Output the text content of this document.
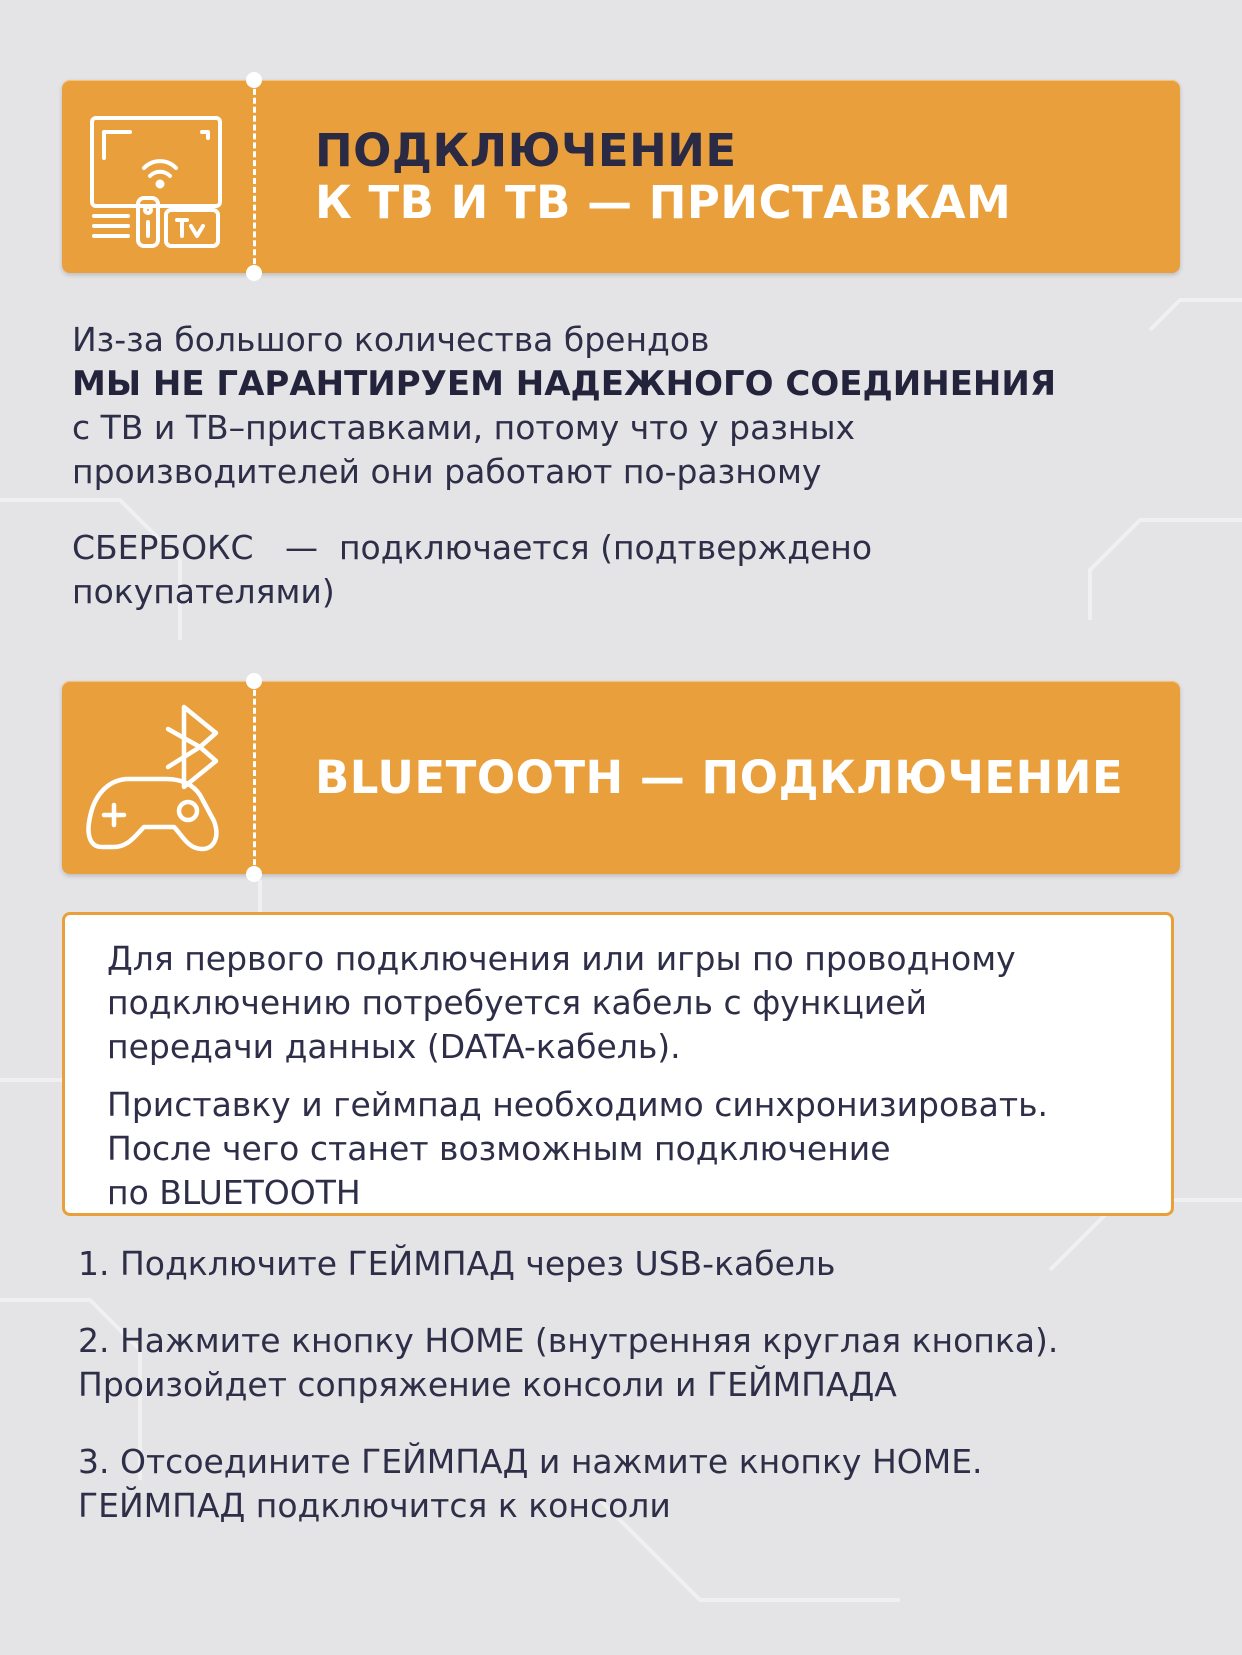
ПОДКЛЮЧЕНИЕ
К ТВ И ТВ — ПРИСТАВКАМ
Из-за большого количества брендов
МЫ НЕ ГАРАНТИРУЕМ НАДЕЖНОГО СОЕДИНЕНИЯ
с ТВ и ТВ–приставками, потому что у разных
производителей они работают по-разному
СБЕРБОКС   —  подключается (подтверждено
покупателями)
BLUETOOTH — ПОДКЛЮЧЕНИЕ

Для первого подключения или игры по проводному
подключению потребуется кабель с функцией
передачи данных (DATA-кабель).

Приставку и геймпад необходимо синхронизировать.
После чего станет возможным подключение
по BLUETOOTH

1. Подключите ГЕЙМПАД через USB-кабель
2. Нажмите кнопку HOME (внутренняя круглая кнопка).
Произойдет сопряжение консоли и ГЕЙМПАДА
3. Отсоедините ГЕЙМПАД и нажмите кнопку HOME.
ГЕЙМПАД подключится к консоли
